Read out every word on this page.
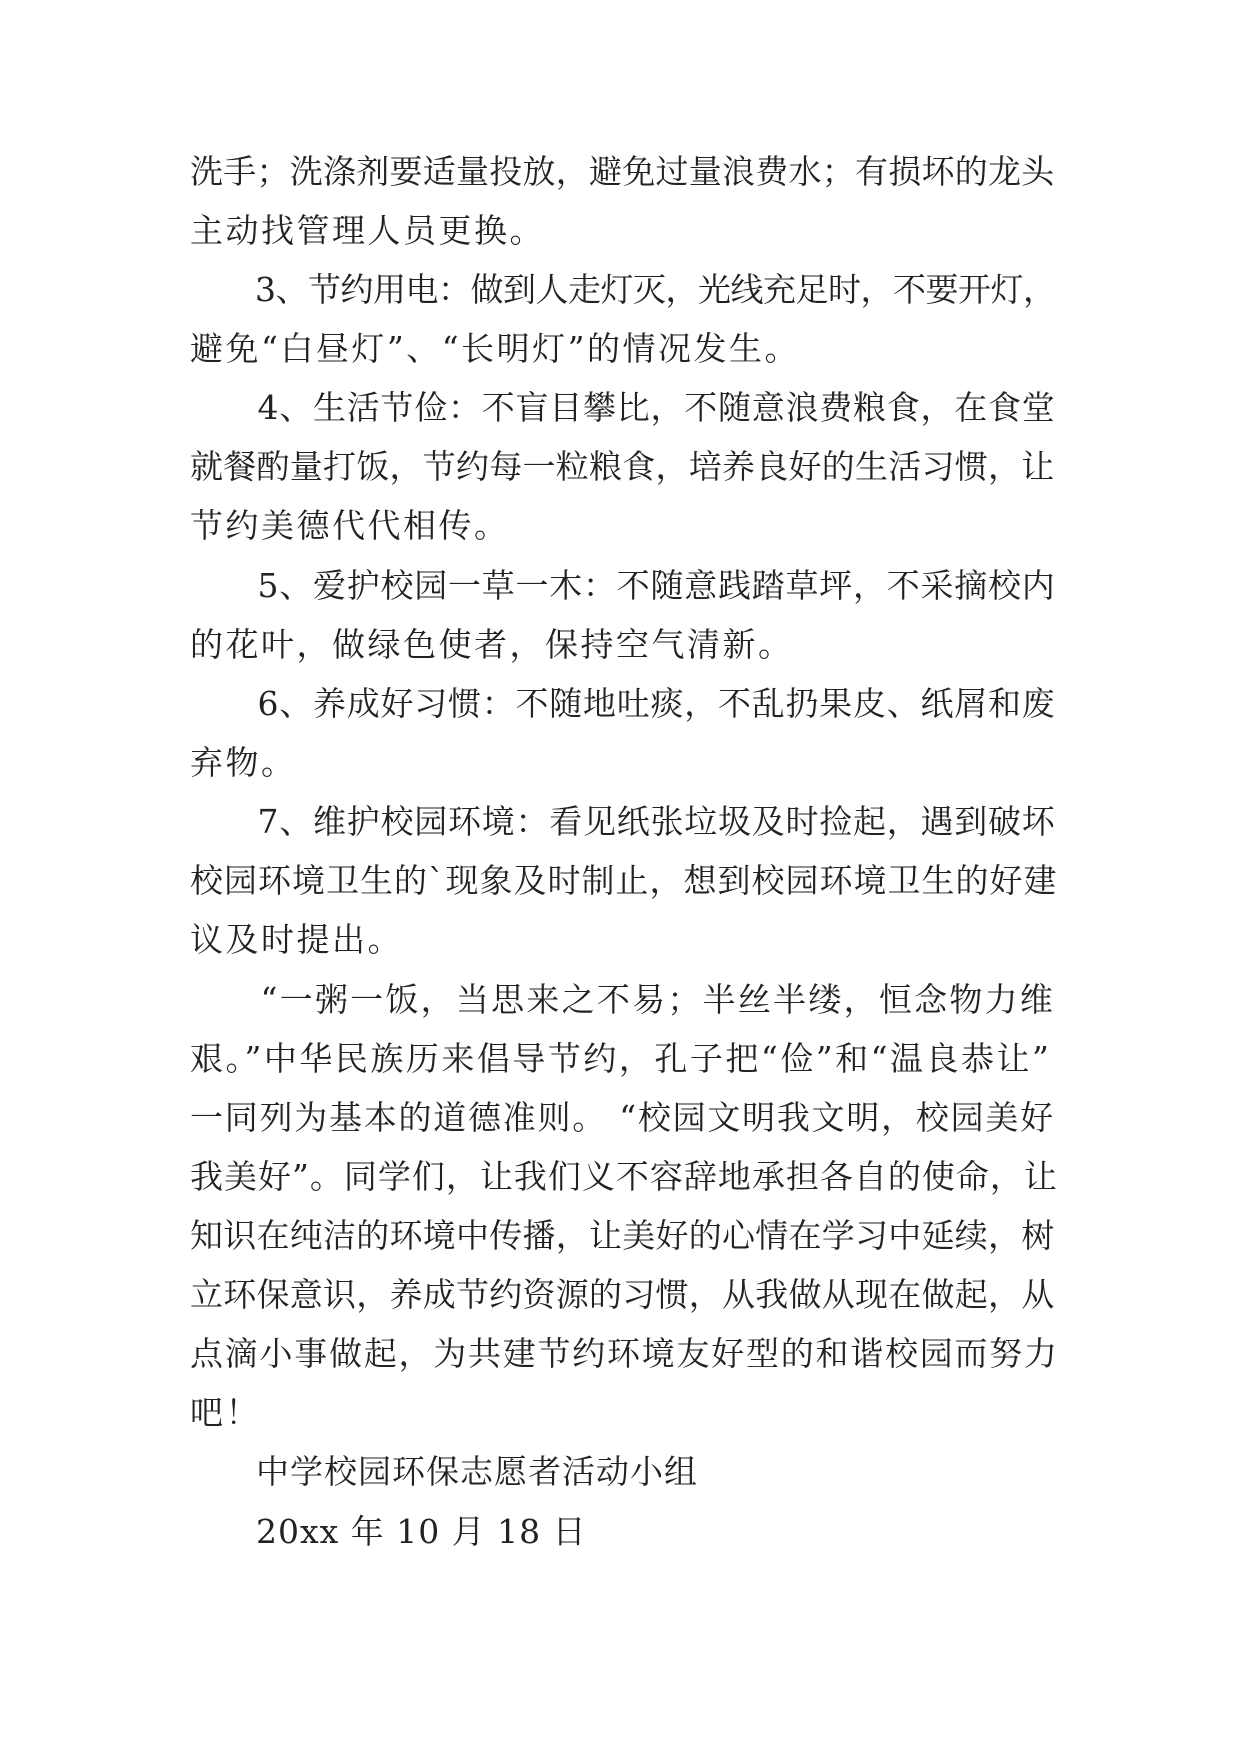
洗手；洗涤剂要适量投放，避免过量浪费水；有损坏的龙头
主动找管理人员更换。

　　3、节约用电：做到人走灯灭，光线充足时，不要开灯，
避免“白昼灯”、“长明灯”的情况发生。

　　4、生活节俭：不盲目攀比，不随意浪费粮食，在食堂
就餐酌量打饭，节约每一粒粮食，培养良好的生活习惯，让
节约美德代代相传。

　　5、爱护校园一草一木：不随意践踏草坪，不采摘校内
的花叶，做绿色使者，保持空气清新。

　　6、养成好习惯：不随地吐痰，不乱扔果皮、纸屑和废
弃物。

　　7、维护校园环境：看见纸张垃圾及时捡起，遇到破坏
校园环境卫生的`现象及时制止，想到校园环境卫生的好建
议及时提出。

　　“一粥一饭，当思来之不易；半丝半缕，恒念物力维
艰。”中华民族历来倡导节约，孔子把“俭”和“温良恭让”
一同列为基本的道德准则。 “校园文明我文明，校园美好
我美好”。同学们，让我们义不容辞地承担各自的使命，让
知识在纯洁的环境中传播，让美好的心情在学习中延续，树
立环保意识，养成节约资源的习惯，从我做从现在做起，从
点滴小事做起，为共建节约环境友好型的和谐校园而努力
吧！

中学校园环保志愿者活动小组

20xx 年 10 月 18 日
